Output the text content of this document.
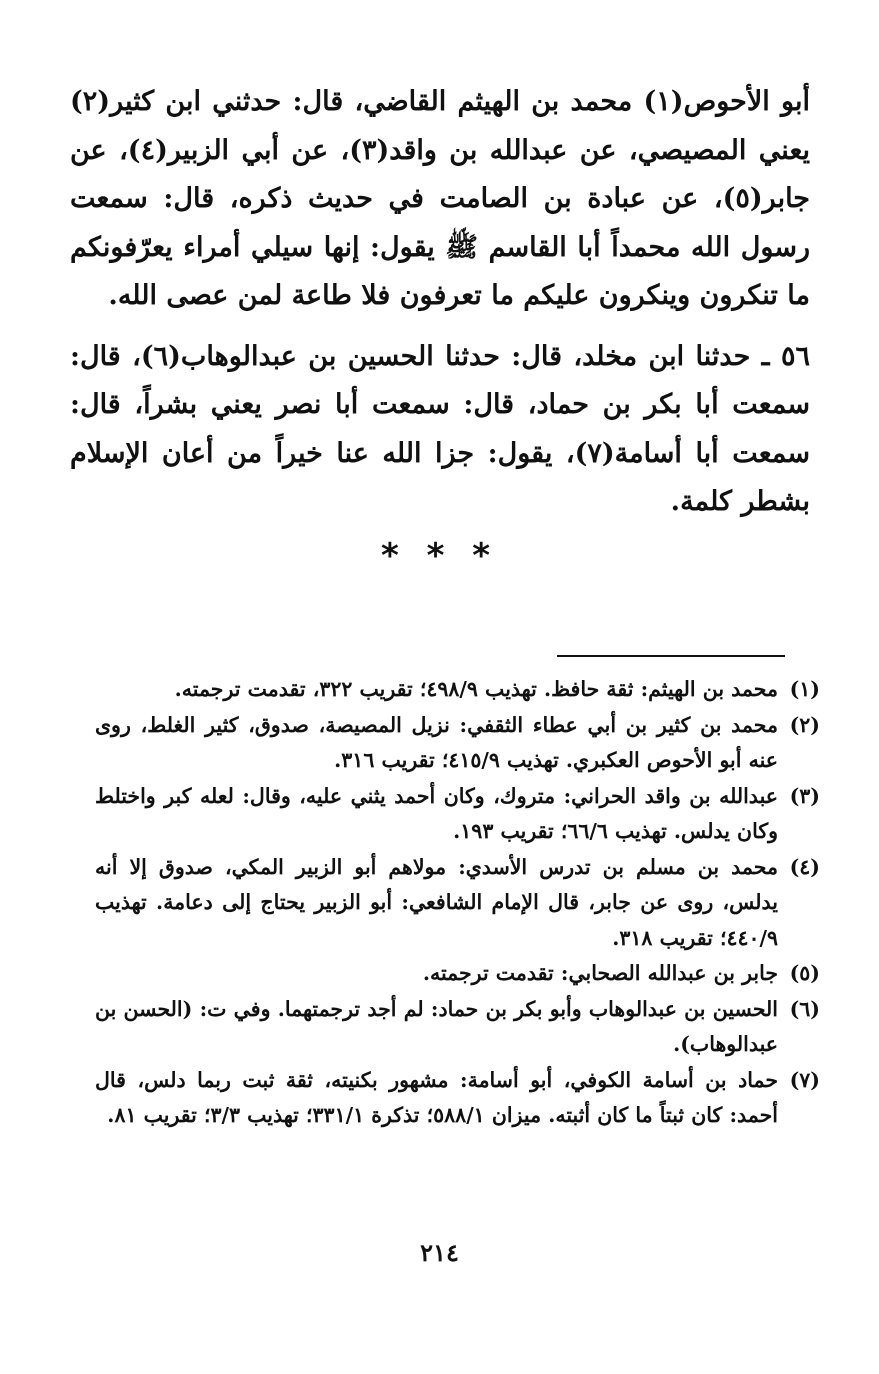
أبو الأحوص(١) محمد بن الهيثم القاضي، قال: حدثني ابن كثير(٢) يعني المصيصي، عن عبدالله بن واقد(٣)، عن أبي الزبير(٤)، عن جابر(٥)، عن عبادة بن الصامت في حديث ذكره، قال: سمعت رسول الله محمداً أبا القاسم ﷺ يقول: إنها سيلي أمراء يعرّفونكم ما تنكرون وينكرون عليكم ما تعرفون فلا طاعة لمن عصى الله.

٥٦ ـ حدثنا ابن مخلد، قال: حدثنا الحسين بن عبدالوهاب(٦)، قال: سمعت أبا بكر بن حماد، قال: سمعت أبا نصر يعني بشراً، قال: سمعت أبا أسامة(٧)، يقول: جزا الله عنا خيراً من أعان الإسلام بشطر كلمة.

* * *
(١)
محمد بن الهيثم: ثقة حافظ. تهذيب ٤٩٨/٩؛ تقريب ٣٢٢، تقدمت ترجمته.
(٢)
محمد بن كثير بن أبي عطاء الثقفي: نزيل المصيصة، صدوق، كثير الغلط، روى عنه أبو الأحوص العكبري. تهذيب ٤١٥/٩؛ تقريب ٣١٦.
(٣)
عبدالله بن واقد الحراني: متروك، وكان أحمد يثني عليه، وقال: لعله كبر واختلط وكان يدلس. تهذيب ٦٦/٦؛ تقريب ١٩٣.
(٤)
محمد بن مسلم بن تدرس الأسدي: مولاهم أبو الزبير المكي، صدوق إلا أنه يدلس، روى عن جابر، قال الإمام الشافعي: أبو الزبير يحتاج إلى دعامة. تهذيب ٤٤٠/٩؛ تقريب ٣١٨.
(٥)
جابر بن عبدالله الصحابي: تقدمت ترجمته.
(٦)
الحسين بن عبدالوهاب وأبو بكر بن حماد: لم أجد ترجمتهما. وفي ت: (الحسن بن عبدالوهاب).
(٧)
حماد بن أسامة الكوفي، أبو أسامة: مشهور بكنيته، ثقة ثبت ربما دلس، قال أحمد: كان ثبتاً ما كان أثبته. ميزان ٥٨٨/١؛ تذكرة ٣٣١/١؛ تهذيب ٣/٣؛ تقريب ٨١.
٢١٤
